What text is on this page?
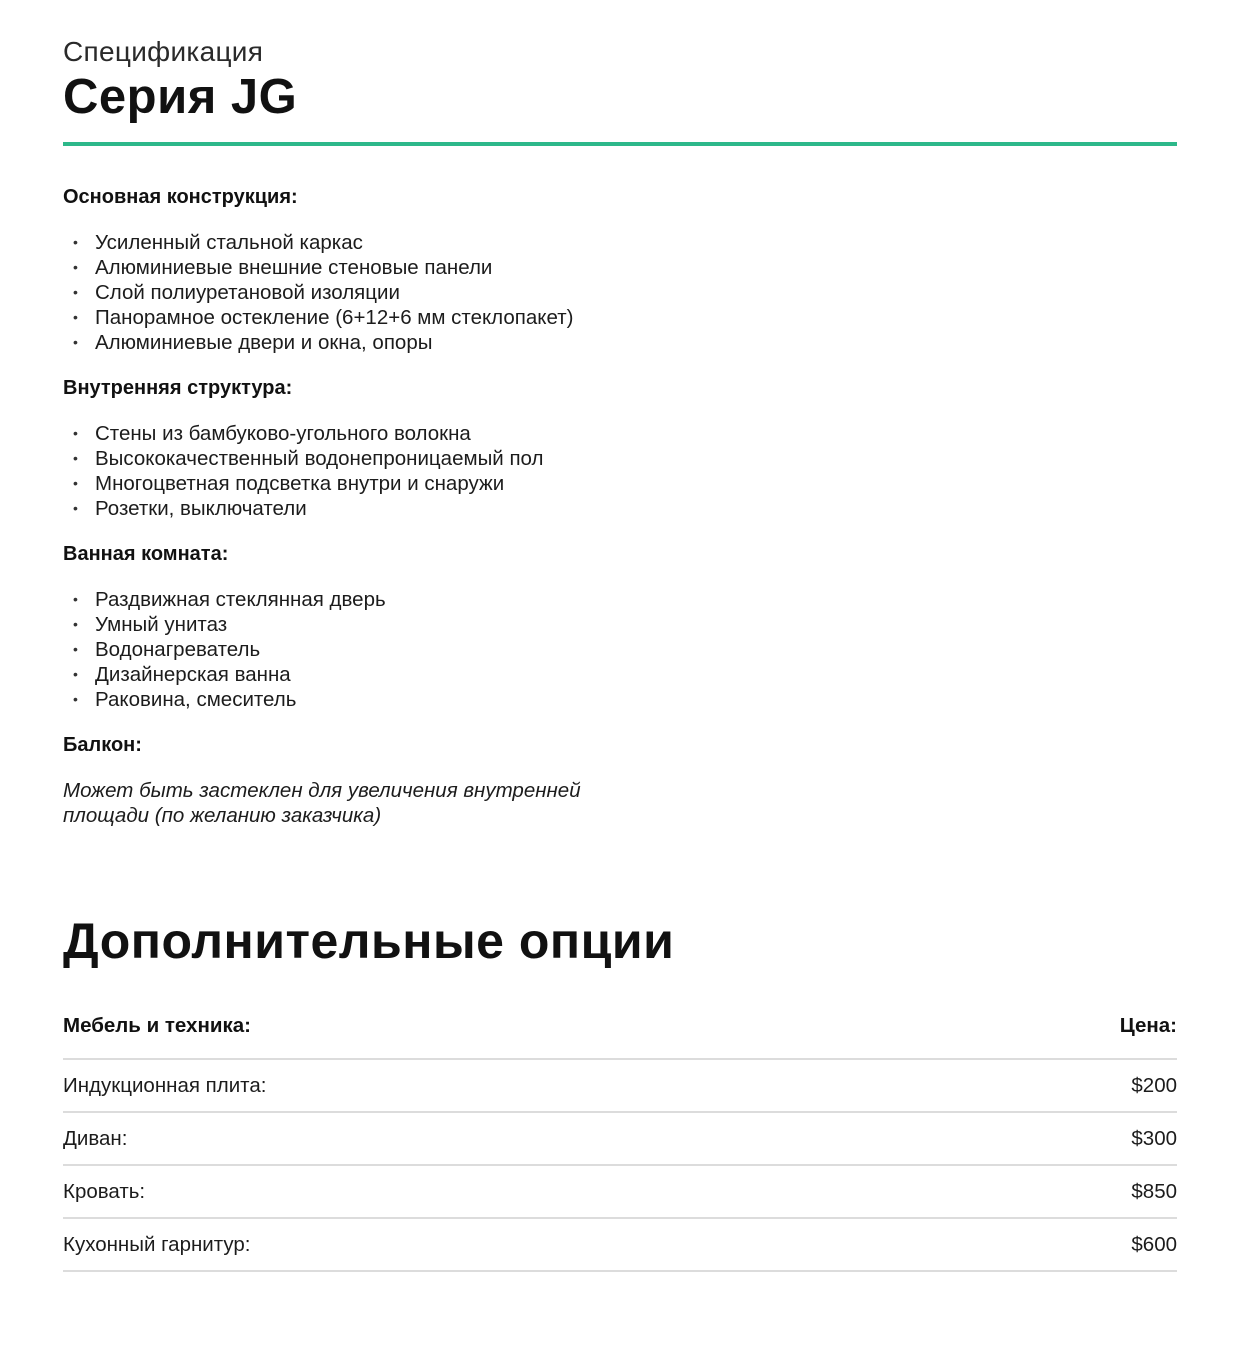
Спецификация
Серия JG
Основная конструкция:
• Усиленный стальной каркас
• Алюминиевые внешние стеновые панели
• Слой полиуретановой изоляции
• Панорамное остекление (6+12+6 мм стеклопакет)
• Алюминиевые двери и окна, опоры
Внутренняя структура:
• Стены из бамбуково-угольного волокна
• Высококачественный водонепроницаемый пол
• Многоцветная подсветка внутри и снаружи
• Розетки, выключатели
Ванная комната:
• Раздвижная стеклянная дверь
• Умный унитаз
• Водонагреватель
• Дизайнерская ванна
• Раковина, смеситель
Балкон:
Может быть застеклен для увеличения внутренней площади (по желанию заказчика)
Дополнительные опции
Мебель и техника:	Цена:
Индукционная плита:	$200
Диван:	$300
Кровать:	$850
Кухонный гарнитур:	$600
